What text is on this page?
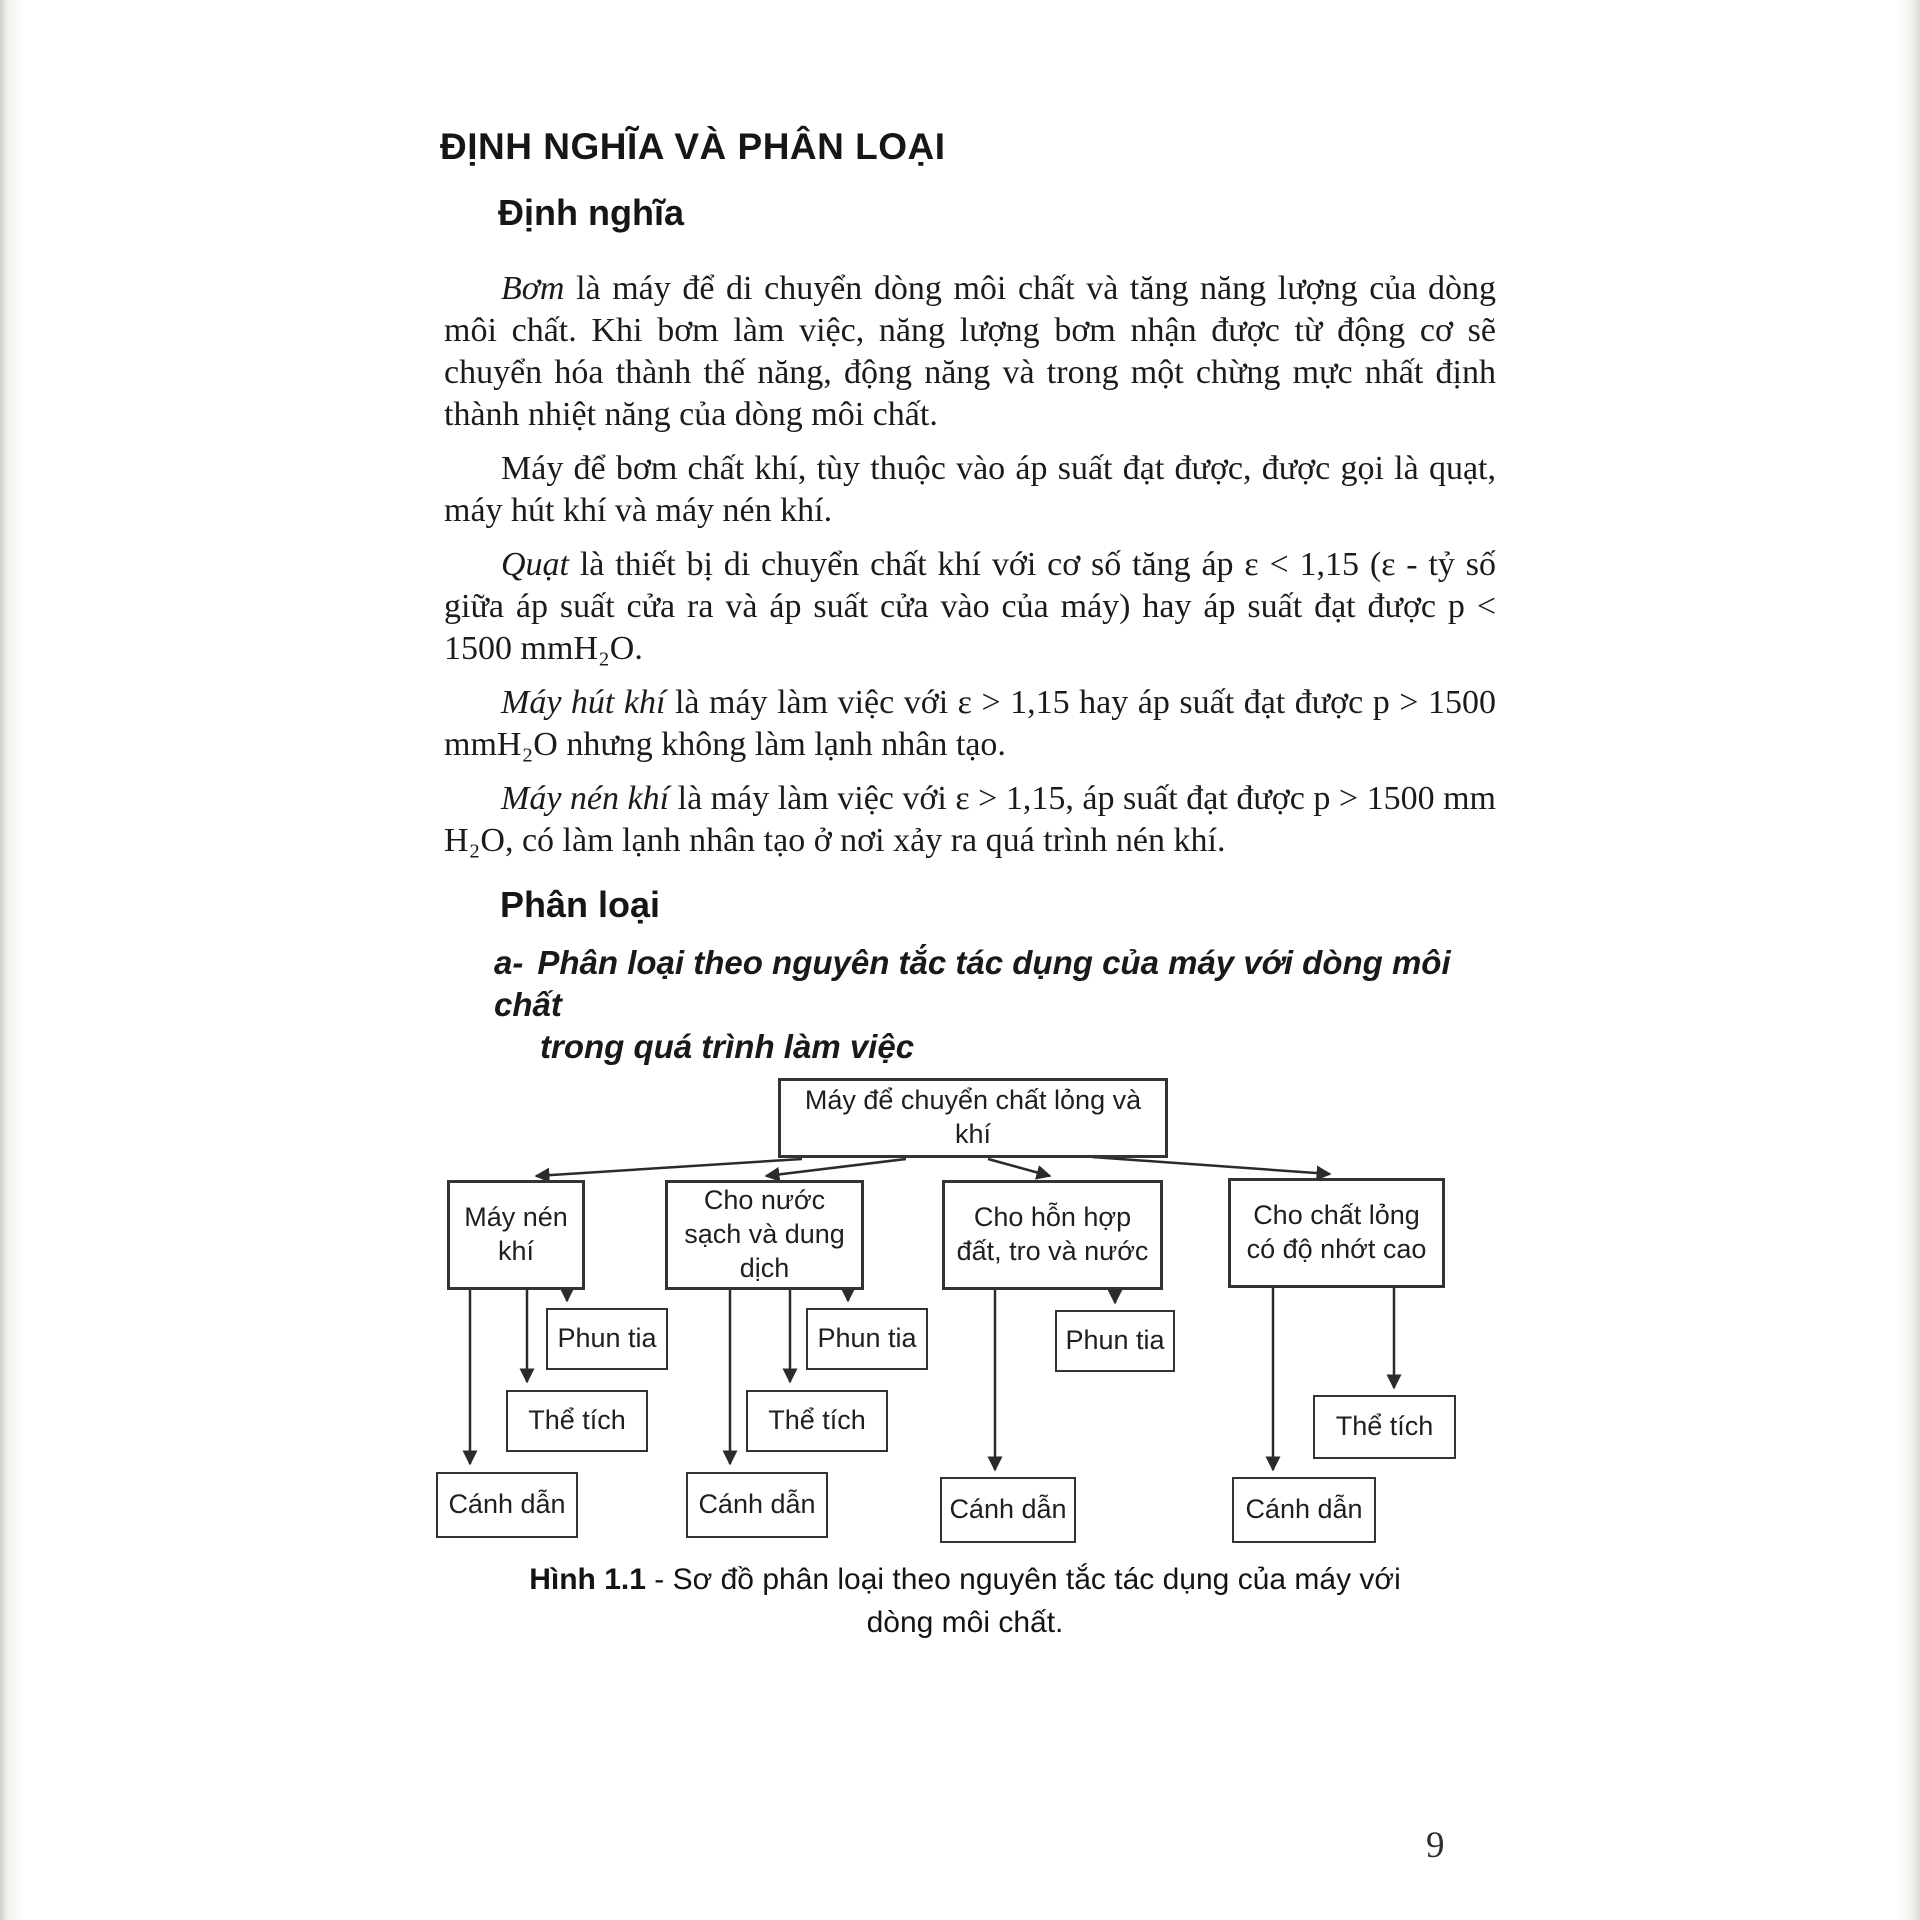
ĐỊNH NGHĨA VÀ PHÂN LOẠI
Định nghĩa

Bơm là máy để di chuyển dòng môi chất và tăng năng lượng của dòng môi chất. Khi bơm làm việc, năng lượng bơm nhận được từ động cơ sẽ chuyển hóa thành thế năng, động năng và trong một chừng mực nhất định thành nhiệt năng của dòng môi chất.

Máy để bơm chất khí, tùy thuộc vào áp suất đạt được, được gọi là quạt, máy hút khí và máy nén khí.

Quạt là thiết bị di chuyển chất khí với cơ số tăng áp ε < 1,15 (ε - tỷ số giữa áp suất cửa ra và áp suất cửa vào của máy) hay áp suất đạt được p < 1500 mmH₂O.

Máy hút khí là máy làm việc với ε > 1,15 hay áp suất đạt được p > 1500 mmH₂O nhưng không làm lạnh nhân tạo.

Máy nén khí là máy làm việc với ε > 1,15, áp suất đạt được p > 1500 mm H₂O, có làm lạnh nhân tạo ở nơi xảy ra quá trình nén khí.

Phân loại
a- Phân loại theo nguyên tắc tác dụng của máy với dòng môi chất
trong quá trình làm việc
Máy để chuyển chất lỏng và khí
Máy nén khí
Cho nước sạch và dung dịch
Cho hỗn hợp đất, tro và nước
Cho chất lỏng có độ nhớt cao
Phun tia
Thể tích
Cánh dẫn
Phun tia
Thể tích
Cánh dẫn
Phun tia
Cánh dẫn
Thể tích
Cánh dẫn
Hình 1.1 - Sơ đồ phân loại theo nguyên tắc tác dụng của máy với
dòng môi chất.
9
